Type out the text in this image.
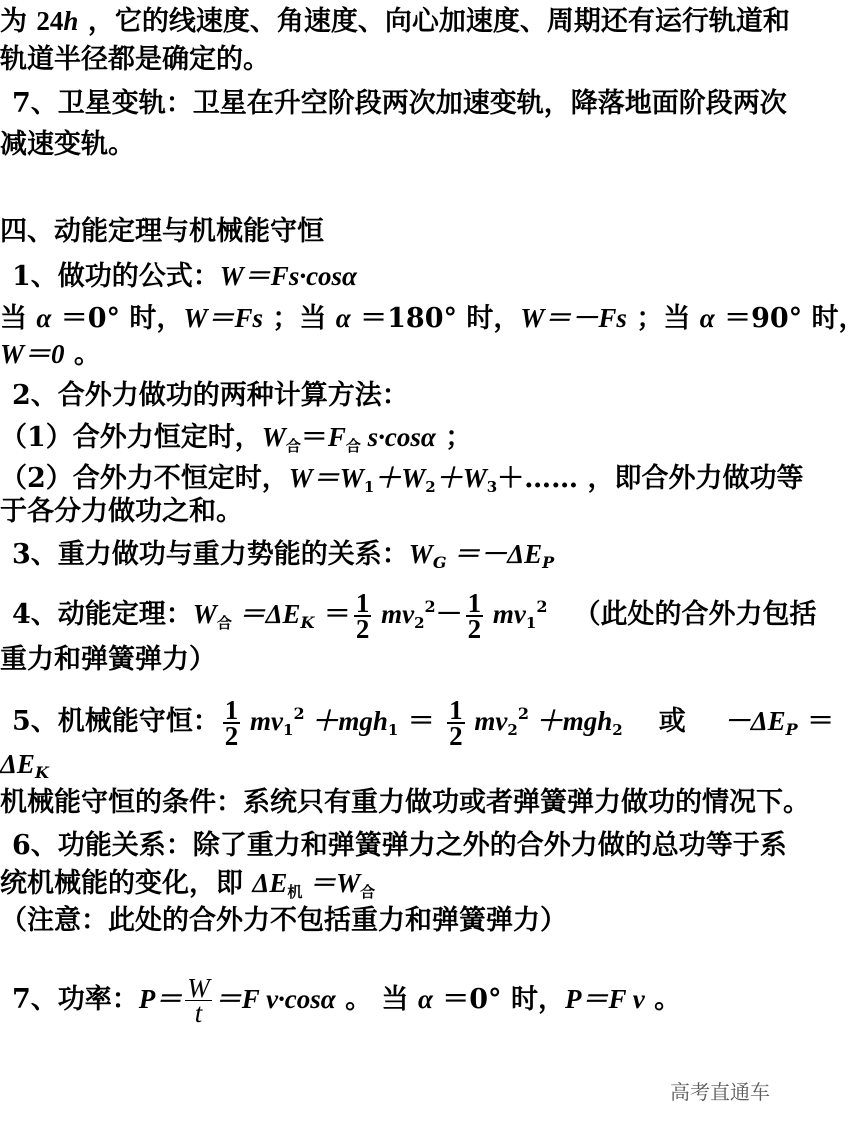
为 24h ，它的线速度、角速度、向心加速度、周期还有运行轨道和
轨道半径都是确定的。
7、卫星变轨：卫星在升空阶段两次加速变轨，降落地面阶段两次
减速变轨。
四、动能定理与机械能守恒
1、做功的公式：W＝Fs·cosα
当 α ＝0° 时，W＝Fs ；当 α ＝180° 时，W＝－Fs ；当 α ＝90° 时，
W＝0 。
2、合外力做功的两种计算方法：
（1）合外力恒定时，$W_合=F_合$ s·cosα ；
（2）合外力不恒定时，$W=W_1+W_2+W_3+\dots\dots$ ，即合外力做功等
于各分力做功之和。
3、重力做功与重力势能的关系：WG ＝－ΔEP
4、动能定理：$W_合 =\Delta EK = \frac{1}{2} mv_2^2- \frac{1}{2} mv_1^2$ （此处的合外力包括
重力和弹簧弹力）
5、机械能守恒： $\frac{1}{2} mv_1^2 +mgh_1 = \frac{1}{2} mv_2^2 +mgh_2$ 或 －ΔEP ＝
ΔEK
机械能守恒的条件：系统只有重力做功或者弹簧弹力做功的情况下。
6、功能关系：除了重力和弹簧弹力之外的合外力做的总功等于系
统机械能的变化，即 $\Delta E_机 =W_合$
（注意：此处的合外力不包括重力和弹簧弹力）
7、功率：$P= \frac{W}{t} =F$ v·cosα 。 当 α ＝0° 时，P＝F v 。
高考直通车
